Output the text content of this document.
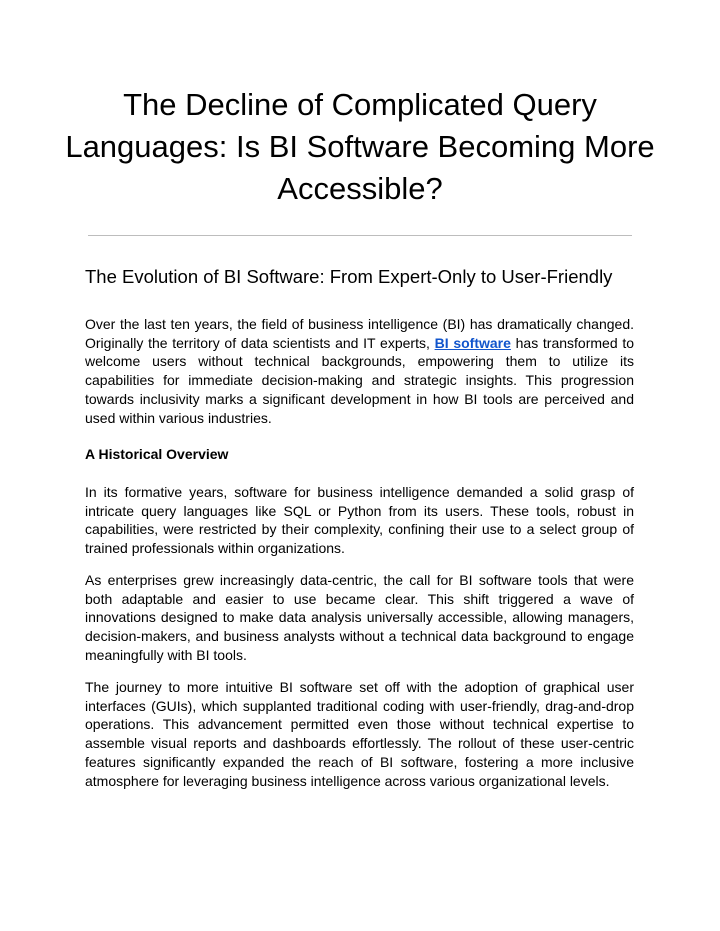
The Decline of Complicated Query Languages: Is BI Software Becoming More Accessible?
The Evolution of BI Software: From Expert-Only to User-Friendly

Over the last ten years, the field of business intelligence (BI) has dramatically changed. Originally the territory of data scientists and IT experts, BI software has transformed to welcome users without technical backgrounds, empowering them to utilize its capabilities for immediate decision-making and strategic insights. This progression towards inclusivity marks a significant development in how BI tools are perceived and used within various industries.

A Historical Overview

In its formative years, software for business intelligence demanded a solid grasp of intricate query languages like SQL or Python from its users. These tools, robust in capabilities, were restricted by their complexity, confining their use to a select group of trained professionals within organizations.

As enterprises grew increasingly data-centric, the call for BI software tools that were both adaptable and easier to use became clear. This shift triggered a wave of innovations designed to make data analysis universally accessible, allowing managers, decision-makers, and business analysts without a technical data background to engage meaningfully with BI tools.

The journey to more intuitive BI software set off with the adoption of graphical user interfaces (GUIs), which supplanted traditional coding with user-friendly, drag-and-drop operations. This advancement permitted even those without technical expertise to assemble visual reports and dashboards effortlessly. The rollout of these user-centric features significantly expanded the reach of BI software, fostering a more inclusive atmosphere for leveraging business intelligence across various organizational levels.
